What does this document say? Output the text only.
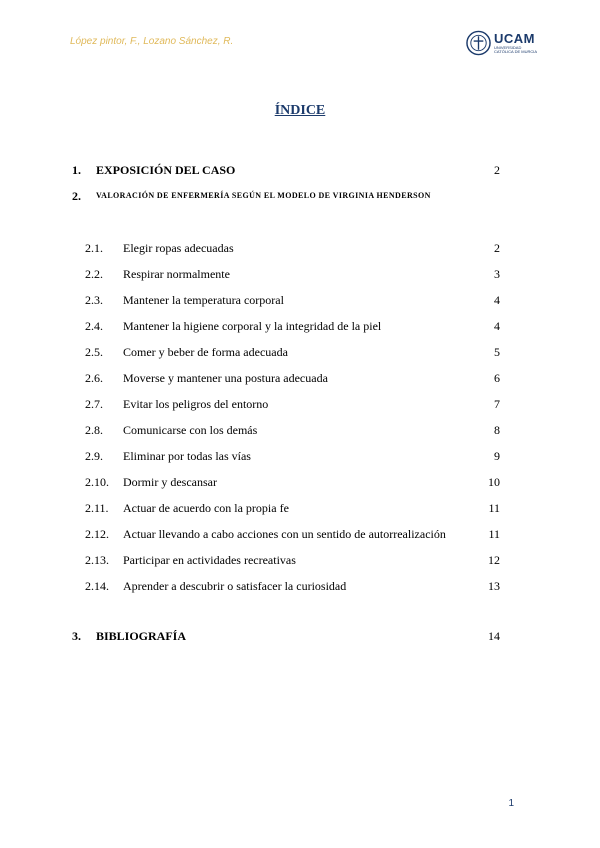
López pintor, F., Lozano Sánchez, R.	UCAM
UNIVERSIDAD CATÓLICA DE MURCIA
ÍNDICE
1. EXPOSICIÓN DEL CASO	2
2. VALORACIÓN DE ENFERMERÍA SEGÚN EL MODELO DE VIRGINIA HENDERSON
2.1. Elegir ropas adecuadas	2
2.2. Respirar normalmente	3
2.3. Mantener la temperatura corporal	4
2.4. Mantener la higiene corporal y la integridad de la piel	4
2.5. Comer y beber de forma adecuada	5
2.6. Moverse y mantener una postura adecuada	6
2.7. Evitar los peligros del entorno	7
2.8. Comunicarse con los demás	8
2.9. Eliminar por todas las vías	9
2.10. Dormir y descansar	10
2.11. Actuar de acuerdo con la propia fe	11
2.12. Actuar llevando a cabo acciones con un sentido de autorrealización	11
2.13. Participar en actividades recreativas	12
2.14. Aprender a descubrir o satisfacer la curiosidad	13
3. BIBLIOGRAFÍA	14
1
